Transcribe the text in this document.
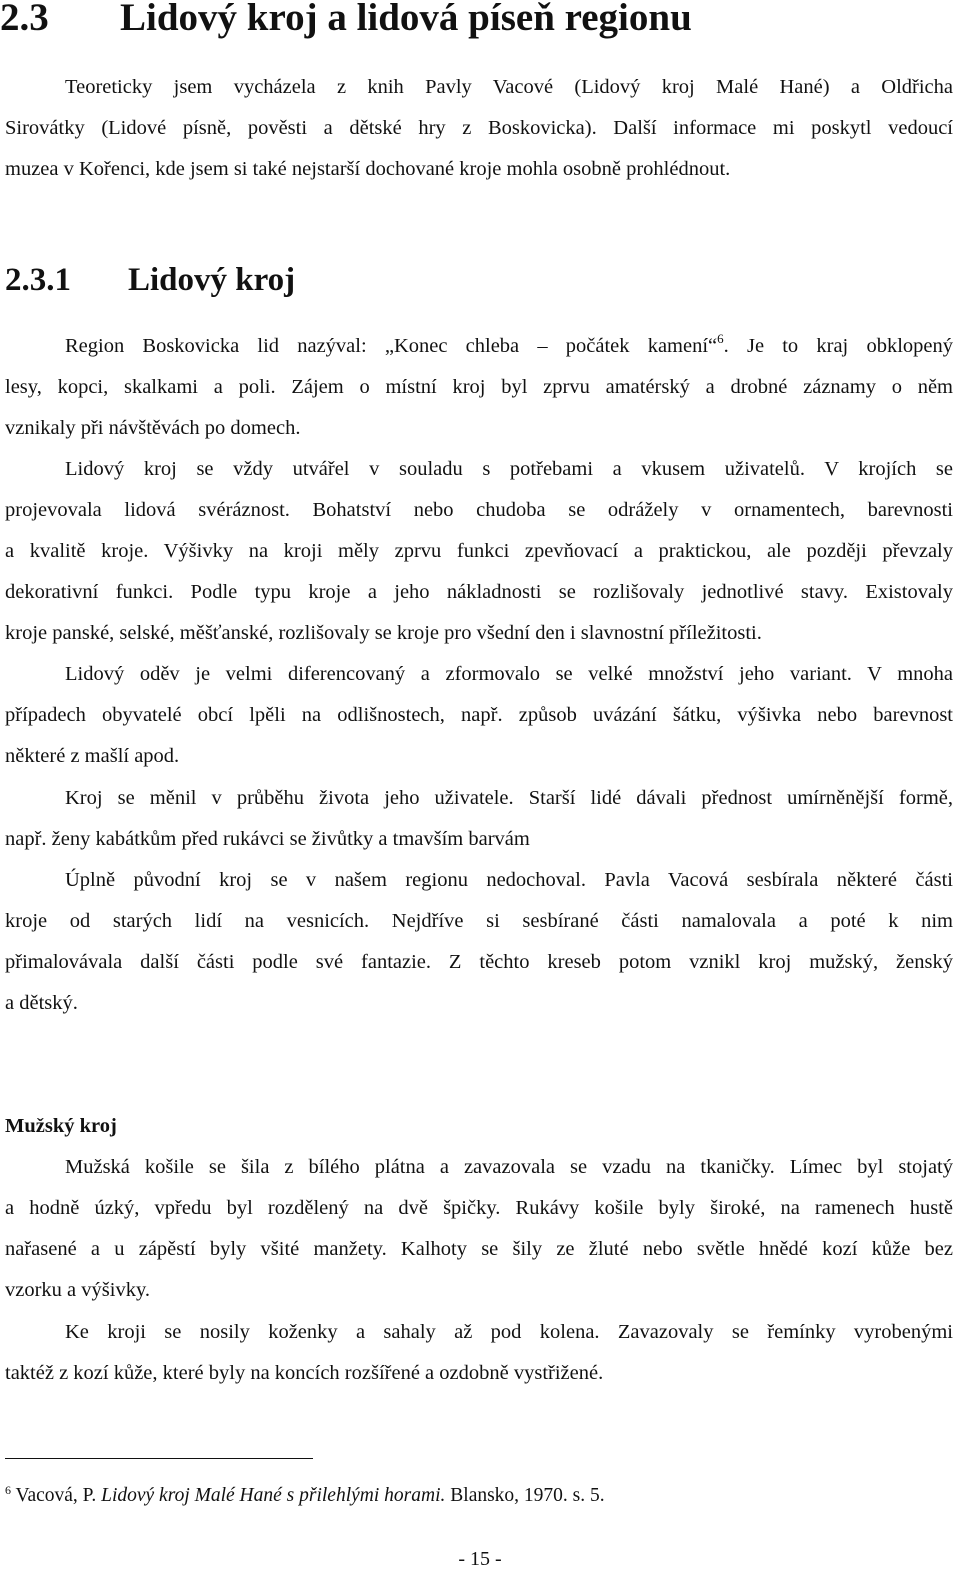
2.3 Lidový kroj a lidová píseň regionu
Teoreticky jsem vycházela z knih Pavly Vacové (Lidový kroj Malé Hané) a Oldřicha
Sirovátky (Lidové písně, pověsti a dětské hry z Boskovicka). Další informace mi poskytl vedoucí
muzea v Kořenci, kde jsem si také nejstarší dochované kroje mohla osobně prohlédnout.
2.3.1 Lidový kroj
Region Boskovicka lid nazýval: „Konec chleba – počátek kamení“$^6$. Je to kraj obklopený
lesy, kopci, skalkami a poli. Zájem o místní kroj byl zprvu amatérský a drobné záznamy o něm
vznikaly při návštěvách po domech.
Lidový kroj se vždy utvářel v souladu s potřebami a vkusem uživatelů. V krojích se
projevovala lidová svéráznost. Bohatství nebo chudoba se odrážely v ornamentech, barevnosti
a kvalitě kroje. Výšivky na kroji měly zprvu funkci zpevňovací a praktickou, ale později převzaly
dekorativní funkci. Podle typu kroje a jeho nákladnosti se rozlišovaly jednotlivé stavy. Existovaly
kroje panské, selské, měšťanské, rozlišovaly se kroje pro všední den i slavnostní příležitosti.
Lidový oděv je velmi diferencovaný a zformovalo se velké množství jeho variant. V mnoha
případech obyvatelé obcí lpěli na odlišnostech, např. způsob uvázání šátku, výšivka nebo barevnost
některé z mašlí apod.
Kroj se měnil v průběhu života jeho uživatele. Starší lidé dávali přednost umírněnější formě,
např. ženy kabátkům před rukávci se živůtky a tmavším barvám
Úplně původní kroj se v našem regionu nedochoval. Pavla Vacová sesbírala některé části
kroje od starých lidí na vesnicích. Nejdříve si sesbírané části namalovala a poté k nim
přimalovávala další části podle své fantazie. Z těchto kreseb potom vznikl kroj mužský, ženský
a dětský.
Mužský kroj
Mužská košile se šila z bílého plátna a zavazovala se vzadu na tkaničky. Límec byl stojatý
a hodně úzký, vpředu byl rozdělený na dvě špičky. Rukávy košile byly široké, na ramenech hustě
nařasené a u zápěstí byly všité manžety. Kalhoty se šily ze žluté nebo světle hnědé kozí kůže bez
vzorku a výšivky.
Ke kroji se nosily koženky a sahaly až pod kolena. Zavazovaly se řemínky vyrobenými
taktéž z kozí kůže, které byly na koncích rozšířené a ozdobně vystřižené.
$^6$ Vacová, P. Lidový kroj Malé Hané s přilehlými horami. Blansko, 1970. s. 5.
- 15 -
